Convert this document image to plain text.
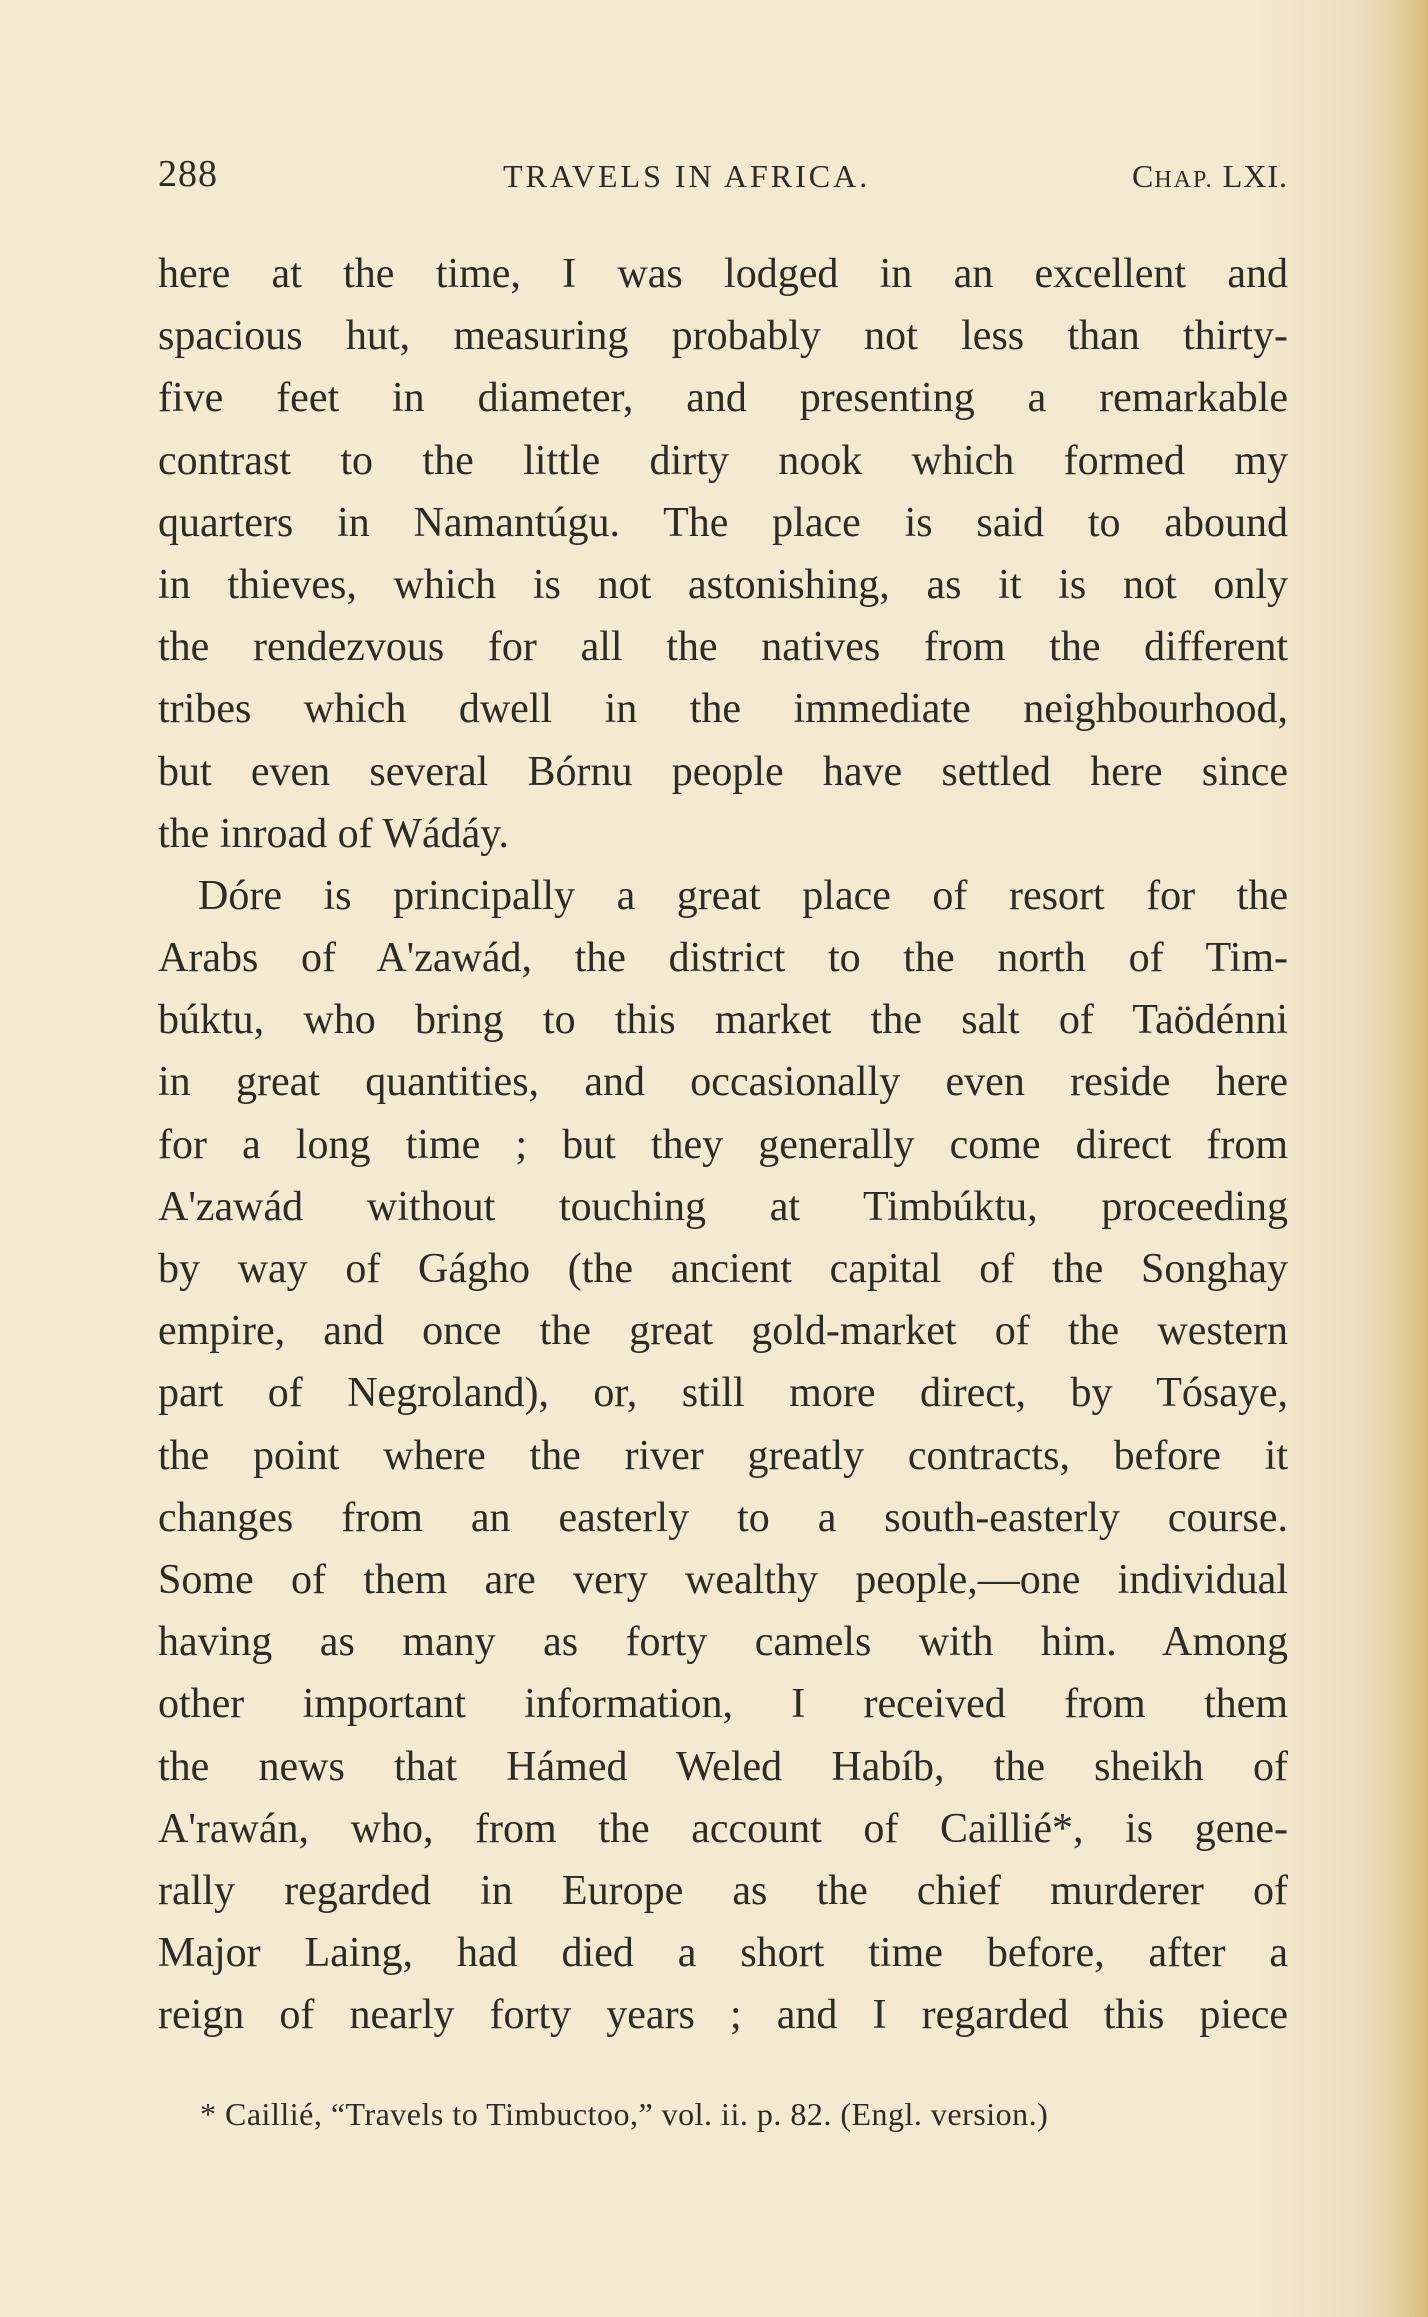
288	TRAVELS IN AFRICA.	CHAP. LXI.
here at the time, I was lodged in an excellent and
spacious hut, measuring probably not less than thirty-
five feet in diameter, and presenting a remarkable
contrast to the little dirty nook which formed my
quarters in Namantúgu. The place is said to abound
in thieves, which is not astonishing, as it is not only
the rendezvous for all the natives from the different
tribes which dwell in the immediate neighbourhood,
but even several Bórnu people have settled here since
the inroad of Wádáy.
Dóre is principally a great place of resort for the
Arabs of A'zawád, the district to the north of Tim-
búktu, who bring to this market the salt of Taödénni
in great quantities, and occasionally even reside here
for a long time ; but they generally come direct from
A'zawád without touching at Timbúktu, proceeding
by way of Gágho (the ancient capital of the Songhay
empire, and once the great gold-market of the western
part of Negroland), or, still more direct, by Tósaye,
the point where the river greatly contracts, before it
changes from an easterly to a south-easterly course.
Some of them are very wealthy people,—one individual
having as many as forty camels with him. Among
other important information, I received from them
the news that Hámed Weled Habíb, the sheikh of
A'rawán, who, from the account of Caillié*, is gene-
rally regarded in Europe as the chief murderer of
Major Laing, had died a short time before, after a
reign of nearly forty years ; and I regarded this piece
* Caillié, “Travels to Timbuctoo,” vol. ii. p. 82. (Engl. version.)
